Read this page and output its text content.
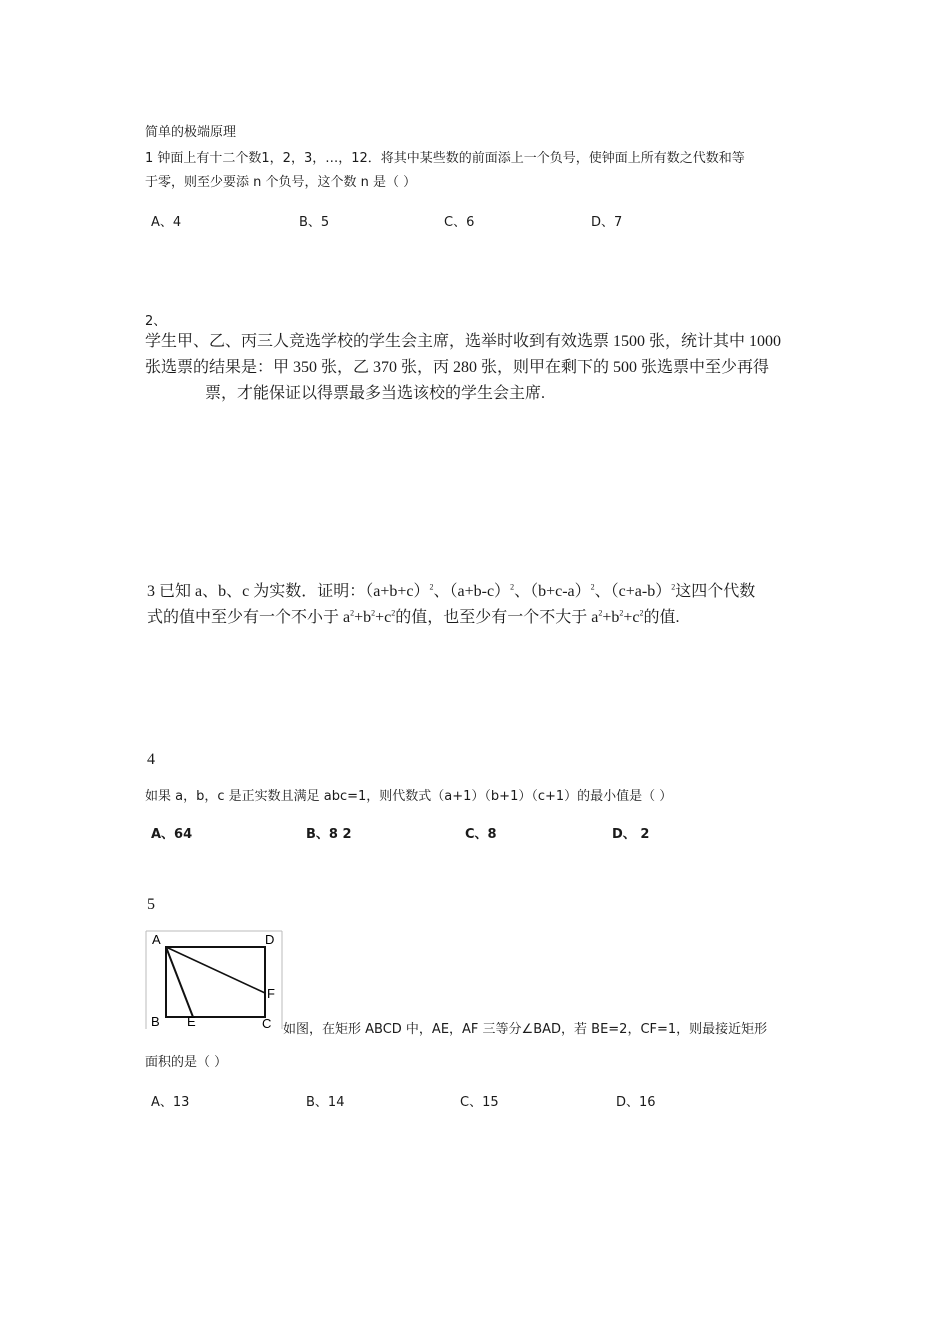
简单的极端原理
1 钟面上有十二个数1，2，3，…，12．将其中某些数的前面添上一个负号，使钟面上所有数之代数和等
于零，则至少要添 n 个负号，这个数 n 是（ ）
A、4	B、5	C、6	D、7
2、
学生甲、乙、丙三人竞选学校的学生会主席，选举时收到有效选票 1500 张，统计其中 1000
张选票的结果是：甲 350 张，乙 370 张，丙 280 张，则甲在剩下的 500 张选票中至少再得
票，才能保证以得票最多当选该校的学生会主席.
3 已知 a、b、c 为实数．证明：$(a+b+c)^2$、$(a+b-c)^2$、$(b+c-a)^2$、$(c+a-b)^2$这四个代数
式的值中至少有一个不小于 $a^2+b^2+c^2$的值，也至少有一个不大于 $a^2+b^2+c^2$的值.
4
如果 a，b，c 是正实数且满足 abc=1，则代数式（a+1）（b+1）（c+1）的最小值是（ ）
A、64	B、8 2	C、8	D、 2
5
A	D
F
B E	C 如图，在矩形 ABCD 中，AE，AF 三等分∠BAD，若 BE=2，CF=1，则最接近矩形
面积的是（ ）
A、13	B、14	C、15	D、16
